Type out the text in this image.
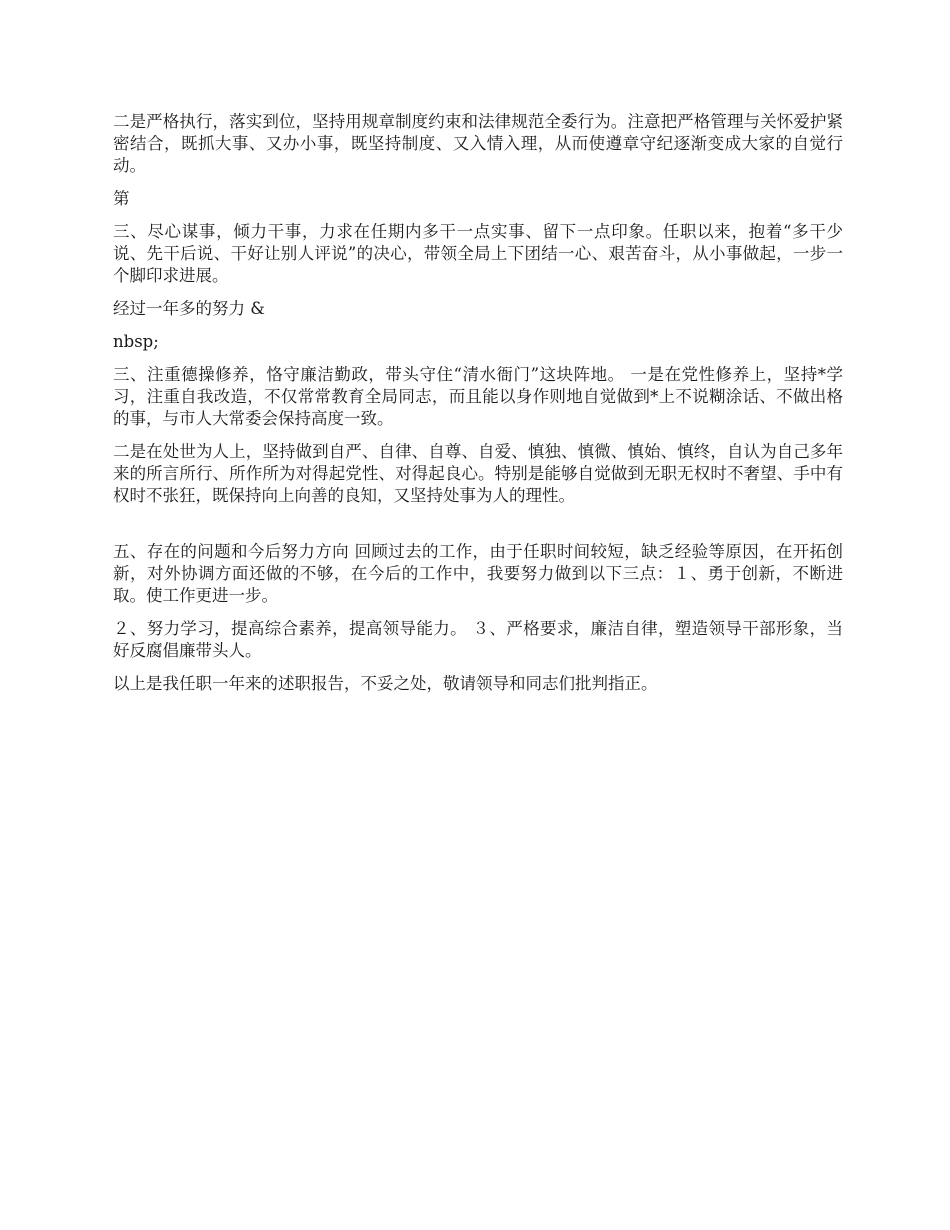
二是严格执行，落实到位，坚持用规章制度约束和法律规范全委行为。注意把严格管理与关怀爱护紧密结合，既抓大事、又办小事，既坚持制度、又入情入理，从而使遵章守纪逐渐变成大家的自觉行动。

第

三、尽心谋事，倾力干事，力求在任期内多干一点实事、留下一点印象。任职以来，抱着“多干少说、先干后说、干好让别人评说”的决心，带领全局上下团结一心、艰苦奋斗，从小事做起，一步一个脚印求进展。

经过一年多的努力 &

nbsp;

三、注重德操修养，恪守廉洁勤政，带头守住“清水衙门”这块阵地。 一是在党性修养上，坚持*学习，注重自我改造，不仅常常教育全局同志，而且能以身作则地自觉做到*上不说糊涂话、不做出格的事，与市人大常委会保持高度一致。

二是在处世为人上，坚持做到自严、自律、自尊、自爱、慎独、慎微、慎始、慎终，自认为自己多年来的所言所行、所作所为对得起党性、对得起良心。特别是能够自觉做到无职无权时不奢望、手中有权时不张狂，既保持向上向善的良知，又坚持处事为人的理性。

五、存在的问题和今后努力方向 回顾过去的工作，由于任职时间较短，缺乏经验等原因，在开拓创新，对外协调方面还做的不够，在今后的工作中，我要努力做到以下三点：１、勇于创新，不断进取。使工作更进一步。

２、努力学习，提高综合素养，提高领导能力。 ３、严格要求，廉洁自律，塑造领导干部形象，当好反腐倡廉带头人。

以上是我任职一年来的述职报告，不妥之处，敬请领导和同志们批判指正。
